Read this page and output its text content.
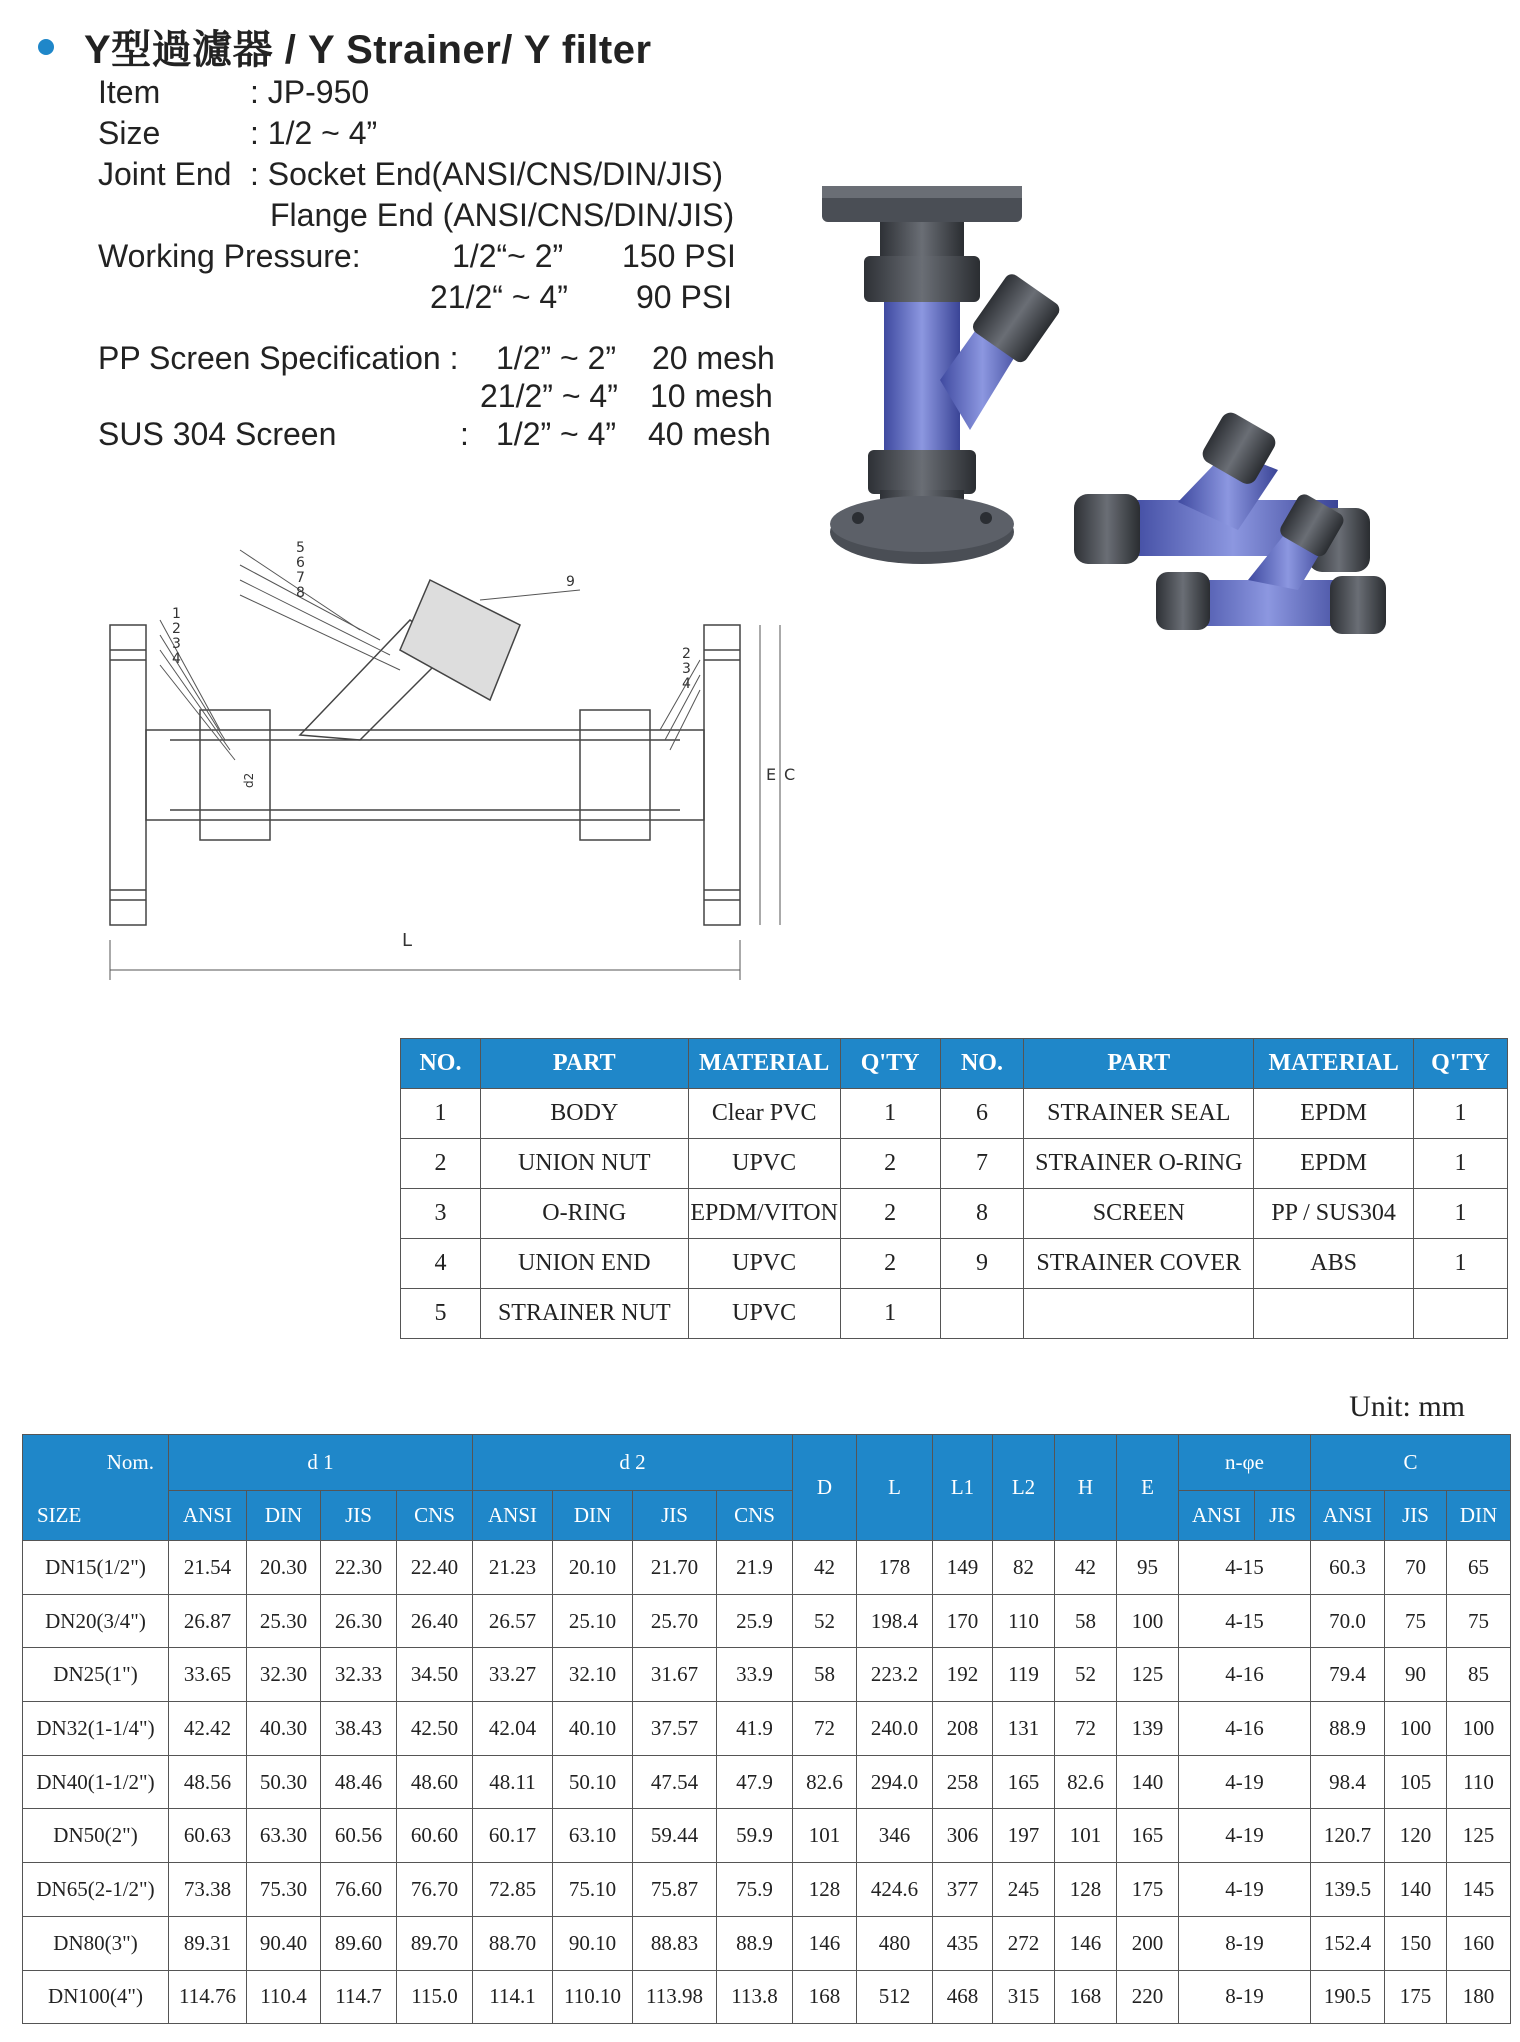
Y型過濾器 / Y Strainer/ Y filter
Item	: JP-950
Size	: 1/2 ~ 4”
Joint End : Socket End(ANSI/CNS/DIN/JIS)
Flange End (ANSI/CNS/DIN/JIS)
Working Pressure:	1/2“~ 2” 150 PSI
21/2“ ~ 4” 90 PSI
PP Screen Specification : 1/2” ~ 2” 20 mesh
21/2” ~ 4” 10 mesh
SUS 304 Screen	: 1/2” ~ 4” 40 mesh
5
6
7
8
9
1
2
3
4	2
3
4
L
E C
d2
NO.	PART	MATERIAL	Q'TY	NO.	PART	MATERIAL	Q'TY
1	BODY	Clear PVC	1	6	STRAINER SEAL	EPDM	1
2	UNION NUT	UPVC	2	7	STRAINER O-RING	EPDM	1
3	O-RING	EPDM/VITON	2	8	SCREEN	PP / SUS304	1
4	UNION END	UPVC	2	9	STRAINER COVER	ABS	1
5	STRAINER NUT	UPVC	1				
Unit: mm
Nom.	d 1				d 2				D	L	L1	L2	H	E	n-φe		C		
SIZE	ANSI	DIN	JIS	CNS	ANSI	DIN	JIS	CNS							ANSI	JIS	ANSI	JIS	DIN
DN15(1/2")	21.54	20.30	22.30	22.40	21.23	20.10	21.70	21.9	42	178	149	82	42	95	4-15		60.3	70	65
DN20(3/4")	26.87	25.30	26.30	26.40	26.57	25.10	25.70	25.9	52	198.4	170	110	58	100	4-15		70.0	75	75
DN25(1")	33.65	32.30	32.33	34.50	33.27	32.10	31.67	33.9	58	223.2	192	119	52	125	4-16		79.4	90	85
DN32(1-1/4")	42.42	40.30	38.43	42.50	42.04	40.10	37.57	41.9	72	240.0	208	131	72	139	4-16		88.9	100	100
DN40(1-1/2")	48.56	50.30	48.46	48.60	48.11	50.10	47.54	47.9	82.6	294.0	258	165	82.6	140	4-19		98.4	105	110
DN50(2")	60.63	63.30	60.56	60.60	60.17	63.10	59.44	59.9	101	346	306	197	101	165	4-19		120.7	120	125
DN65(2-1/2")	73.38	75.30	76.60	76.70	72.85	75.10	75.87	75.9	128	424.6	377	245	128	175	4-19		139.5	140	145
DN80(3")	89.31	90.40	89.60	89.70	88.70	90.10	88.83	88.9	146	480	435	272	146	200	8-19		152.4	150	160
DN100(4")	114.76	110.4	114.7	115.0	114.1	110.10	113.98	113.8	168	512	468	315	168	220	8-19		190.5	175	180
